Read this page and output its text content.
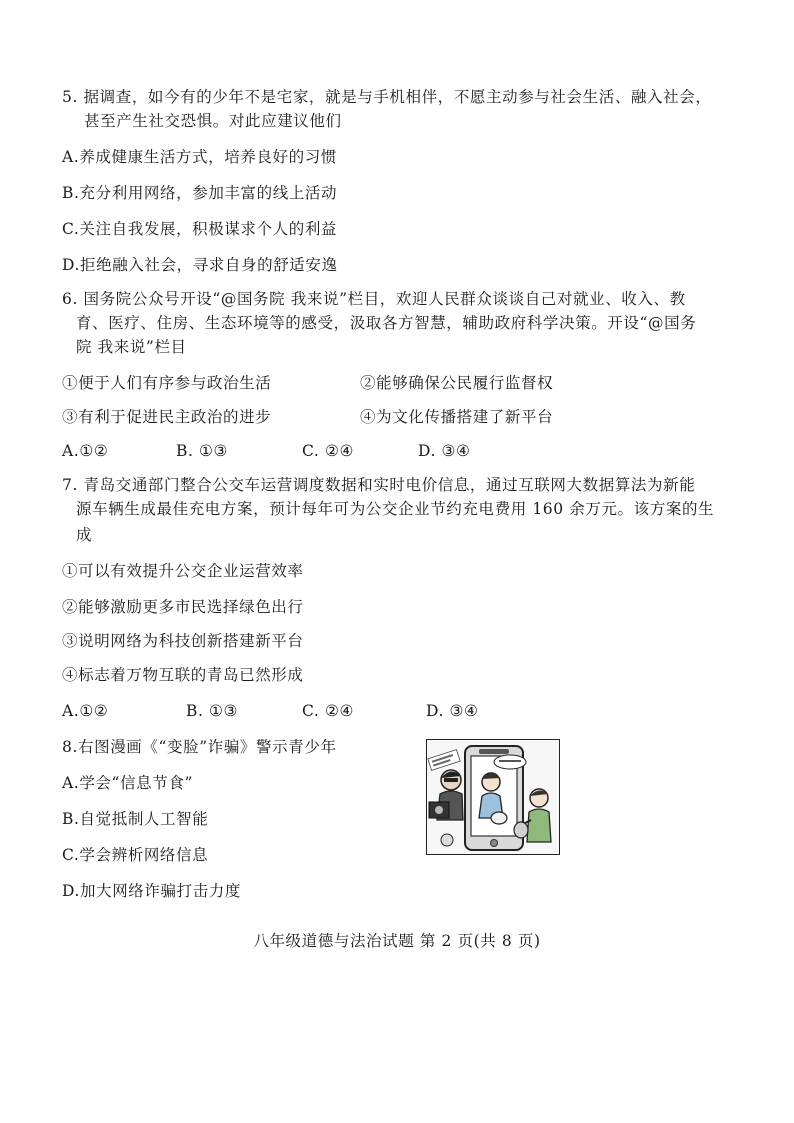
5. 据调查，如今有的少年不是宅家，就是与手机相伴，不愿主动参与社会生活、融入社会，
甚至产生社交恐惧。对此应建议他们
A.养成健康生活方式，培养良好的习惯
B.充分利用网络，参加丰富的线上活动
C.关注自我发展，积极谋求个人的利益
D.拒绝融入社会，寻求自身的舒适安逸
6. 国务院公众号开设“@国务院 我来说”栏目，欢迎人民群众谈谈自己对就业、收入、教
育、医疗、住房、生态环境等的感受，汲取各方智慧，辅助政府科学决策。开设“@国务
院 我来说”栏目
①便于人们有序参与政治生活	②能够确保公民履行监督权
③有利于促进民主政治的进步	④为文化传播搭建了新平台
A.①②	B. ①③	C. ②④	D. ③④
7. 青岛交通部门整合公交车运营调度数据和实时电价信息，通过互联网大数据算法为新能
源车辆生成最佳充电方案，预计每年可为公交企业节约充电费用 160 余万元。该方案的生
成
①可以有效提升公交企业运营效率
②能够激励更多市民选择绿色出行
③说明网络为科技创新搭建新平台
④标志着万物互联的青岛已然形成
A.①②	B. ①③	C. ②④	D. ③④
8.右图漫画《“变脸”诈骗》警示青少年
A.学会“信息节食”
B.自觉抵制人工智能
C.学会辨析网络信息
D.加大网络诈骗打击力度
八年级道德与法治试题 第 2 页(共 8 页)
